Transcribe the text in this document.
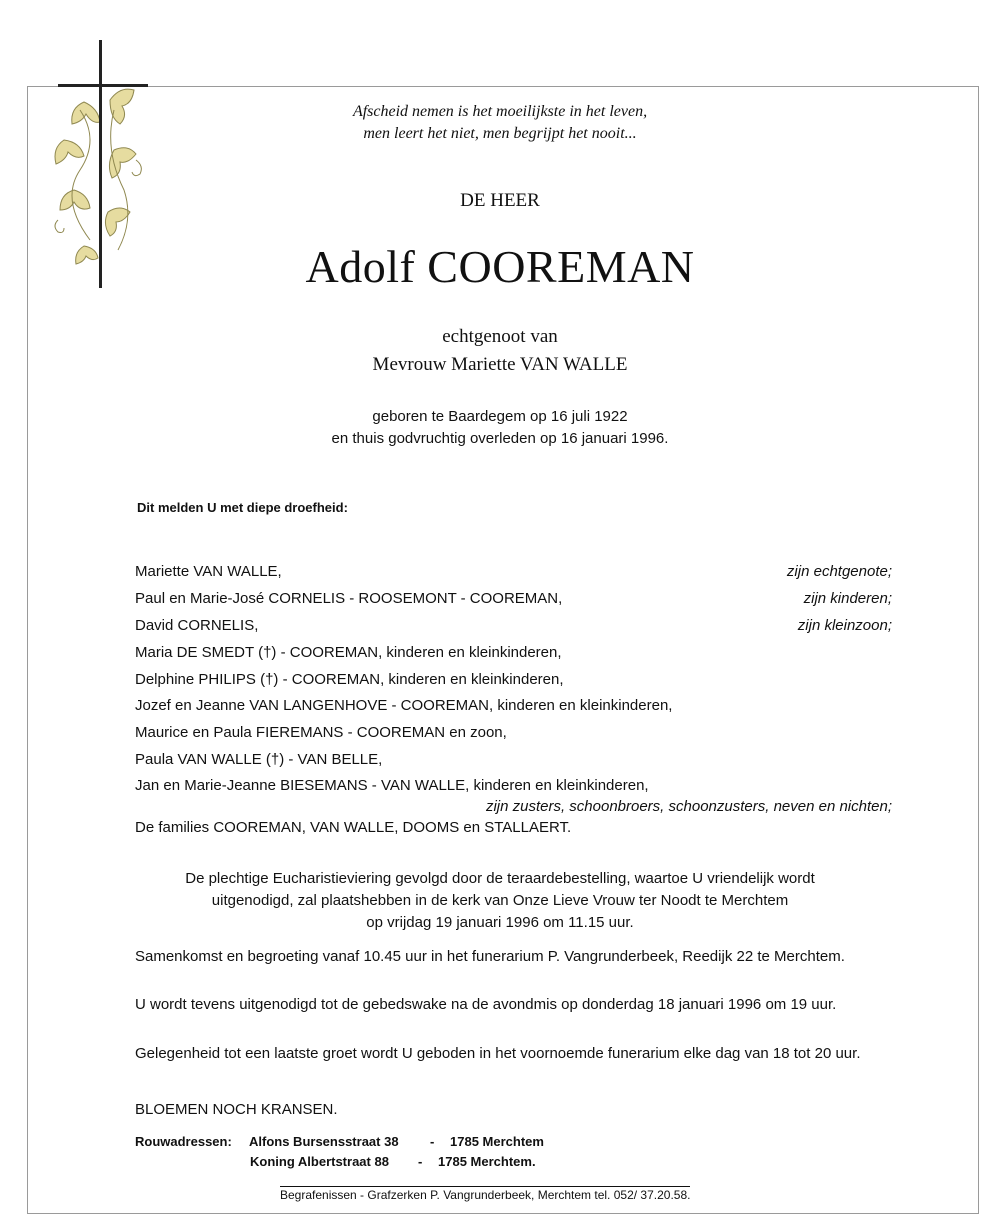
Afscheid nemen is het moeilijkste in het leven,
men leert het niet, men begrijpt het nooit...
DE HEER
Adolf COOREMAN
echtgenoot van
Mevrouw Mariette VAN WALLE
geboren te Baardegem op 16 juli 1922
en thuis godvruchtig overleden op 16 januari 1996.
Dit melden U met diepe droefheid:
Mariette VAN WALLE,	zijn echtgenote;
Paul en Marie-José CORNELIS - ROOSEMONT - COOREMAN,	zijn kinderen;
David CORNELIS,	zijn kleinzoon;
Maria DE SMEDT (†) - COOREMAN, kinderen en kleinkinderen,
Delphine PHILIPS (†) - COOREMAN, kinderen en kleinkinderen,
Jozef en Jeanne VAN LANGENHOVE - COOREMAN, kinderen en kleinkinderen,
Maurice en Paula FIEREMANS - COOREMAN en zoon,
Paula VAN WALLE (†) - VAN BELLE,
Jan en Marie-Jeanne BIESEMANS - VAN WALLE, kinderen en kleinkinderen,
zijn zusters, schoonbroers, schoonzusters, neven en nichten;
De families COOREMAN, VAN WALLE, DOOMS en STALLAERT.
De plechtige Eucharistieviering gevolgd door de teraardebestelling, waartoe U vriendelijk wordt
uitgenodigd, zal plaatshebben in de kerk van Onze Lieve Vrouw ter Noodt te Merchtem
op vrijdag 19 januari 1996 om 11.15 uur.
Samenkomst en begroeting vanaf 10.45 uur in het funerarium P. Vangrunderbeek, Reedijk 22 te Merchtem.
U wordt tevens uitgenodigd tot de gebedswake na de avondmis op donderdag 18 januari 1996 om 19 uur.
Gelegenheid tot een laatste groet wordt U geboden in het voornoemde funerarium elke dag van 18 tot 20 uur.
BLOEMEN NOCH KRANSEN.
Rouwadressen: Alfons Bursensstraat 38 - 1785 Merchtem
Koning Albertstraat 88 - 1785 Merchtem.
Begrafenissen - Grafzerken P. Vangrunderbeek, Merchtem tel. 052/ 37.20.58.
